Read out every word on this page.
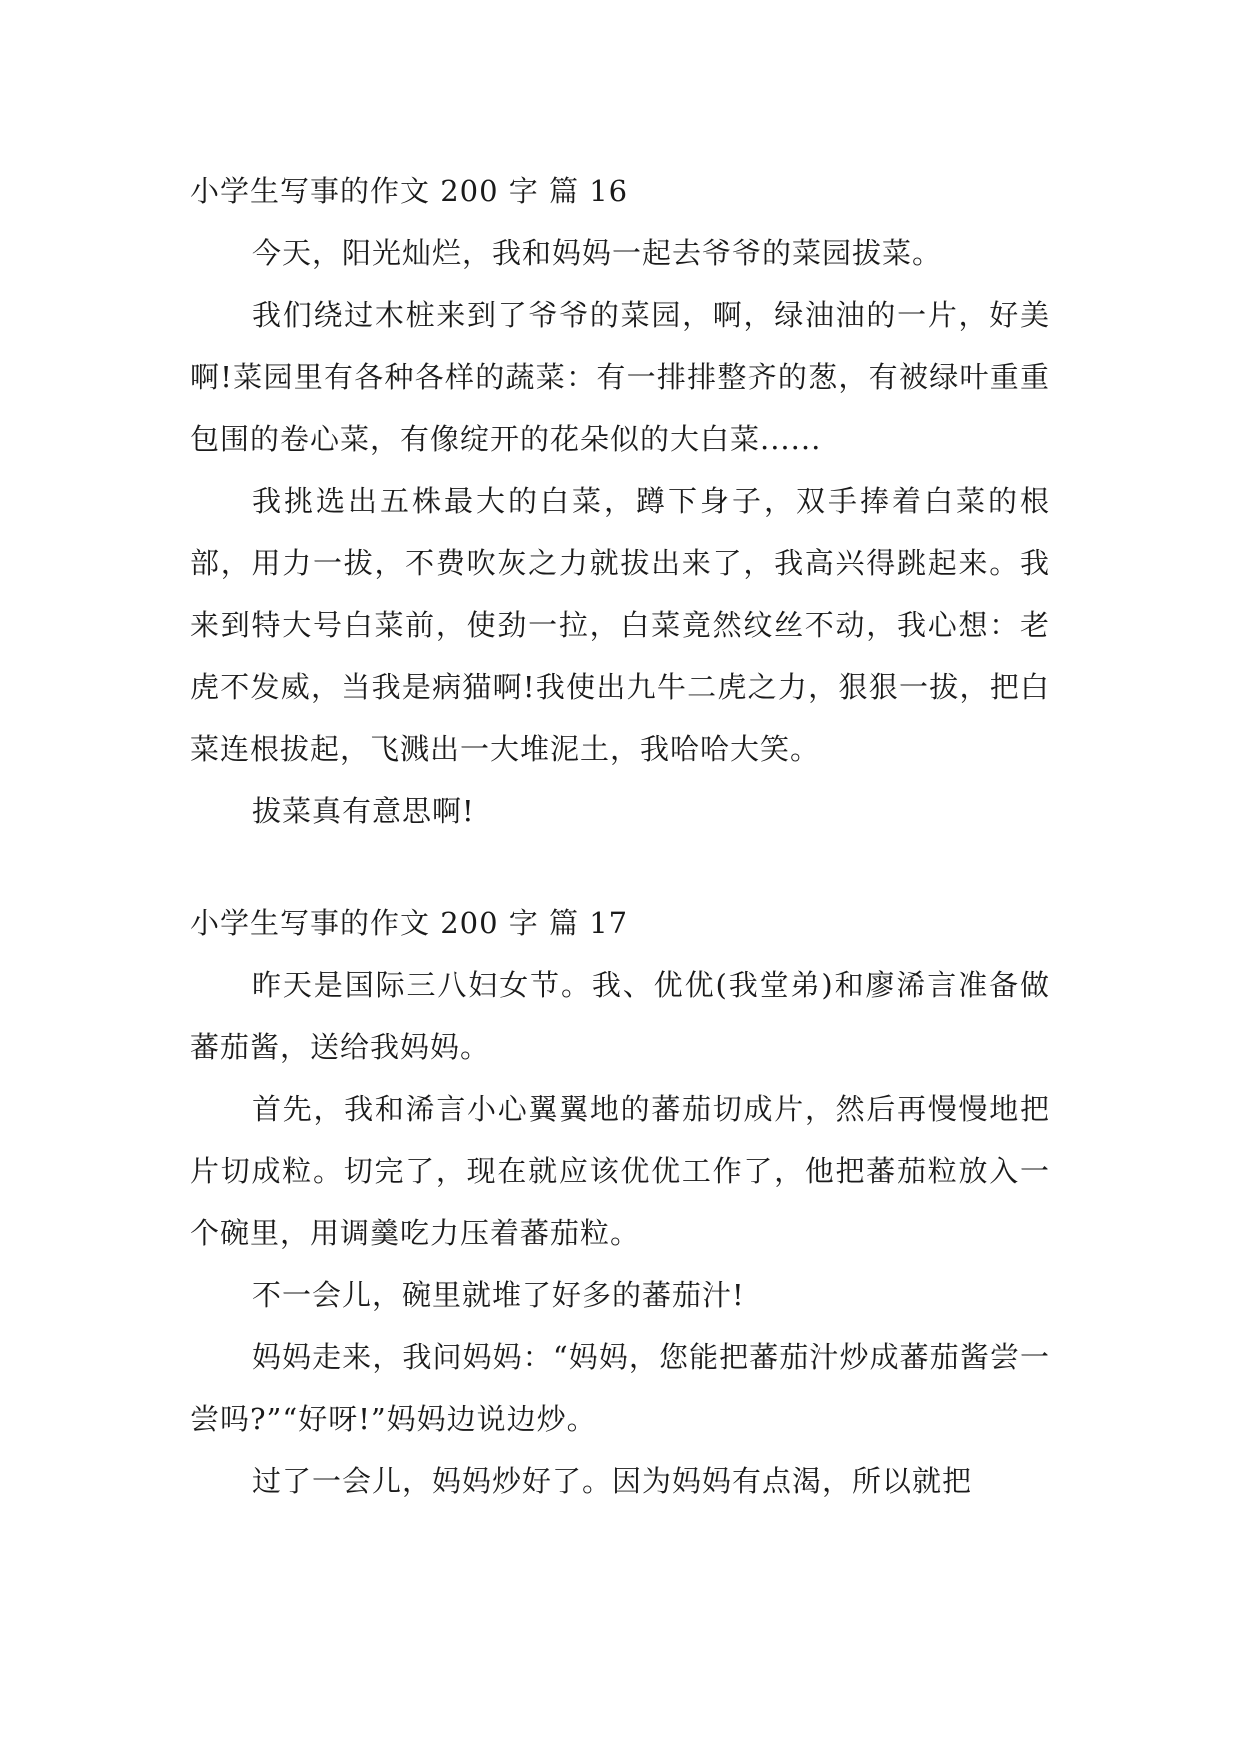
小学生写事的作文 200 字 篇 16

今天，阳光灿烂，我和妈妈一起去爷爷的菜园拔菜。

我们绕过木桩来到了爷爷的菜园，啊，绿油油的一片，好美啊!菜园里有各种各样的蔬菜：有一排排整齐的葱，有被绿叶重重包围的卷心菜，有像绽开的花朵似的大白菜......

我挑选出五株最大的白菜，蹲下身子，双手捧着白菜的根部，用力一拔，不费吹灰之力就拔出来了，我高兴得跳起来。我来到特大号白菜前，使劲一拉，白菜竟然纹丝不动，我心想：老虎不发威，当我是病猫啊!我使出九牛二虎之力，狠狠一拔，把白菜连根拔起，飞溅出一大堆泥土，我哈哈大笑。

拔菜真有意思啊!

小学生写事的作文 200 字 篇 17

昨天是国际三八妇女节。我、优优(我堂弟)和廖浠言准备做蕃茄酱，送给我妈妈。

首先，我和浠言小心翼翼地的蕃茄切成片，然后再慢慢地把片切成粒。切完了，现在就应该优优工作了，他把蕃茄粒放入一个碗里，用调羹吃力压着蕃茄粒。

不一会儿，碗里就堆了好多的蕃茄汁!

妈妈走来，我问妈妈：“妈妈，您能把蕃茄汁炒成蕃茄酱尝一尝吗?”“好呀!”妈妈边说边炒。

过了一会儿，妈妈炒好了。因为妈妈有点渴，所以就把
